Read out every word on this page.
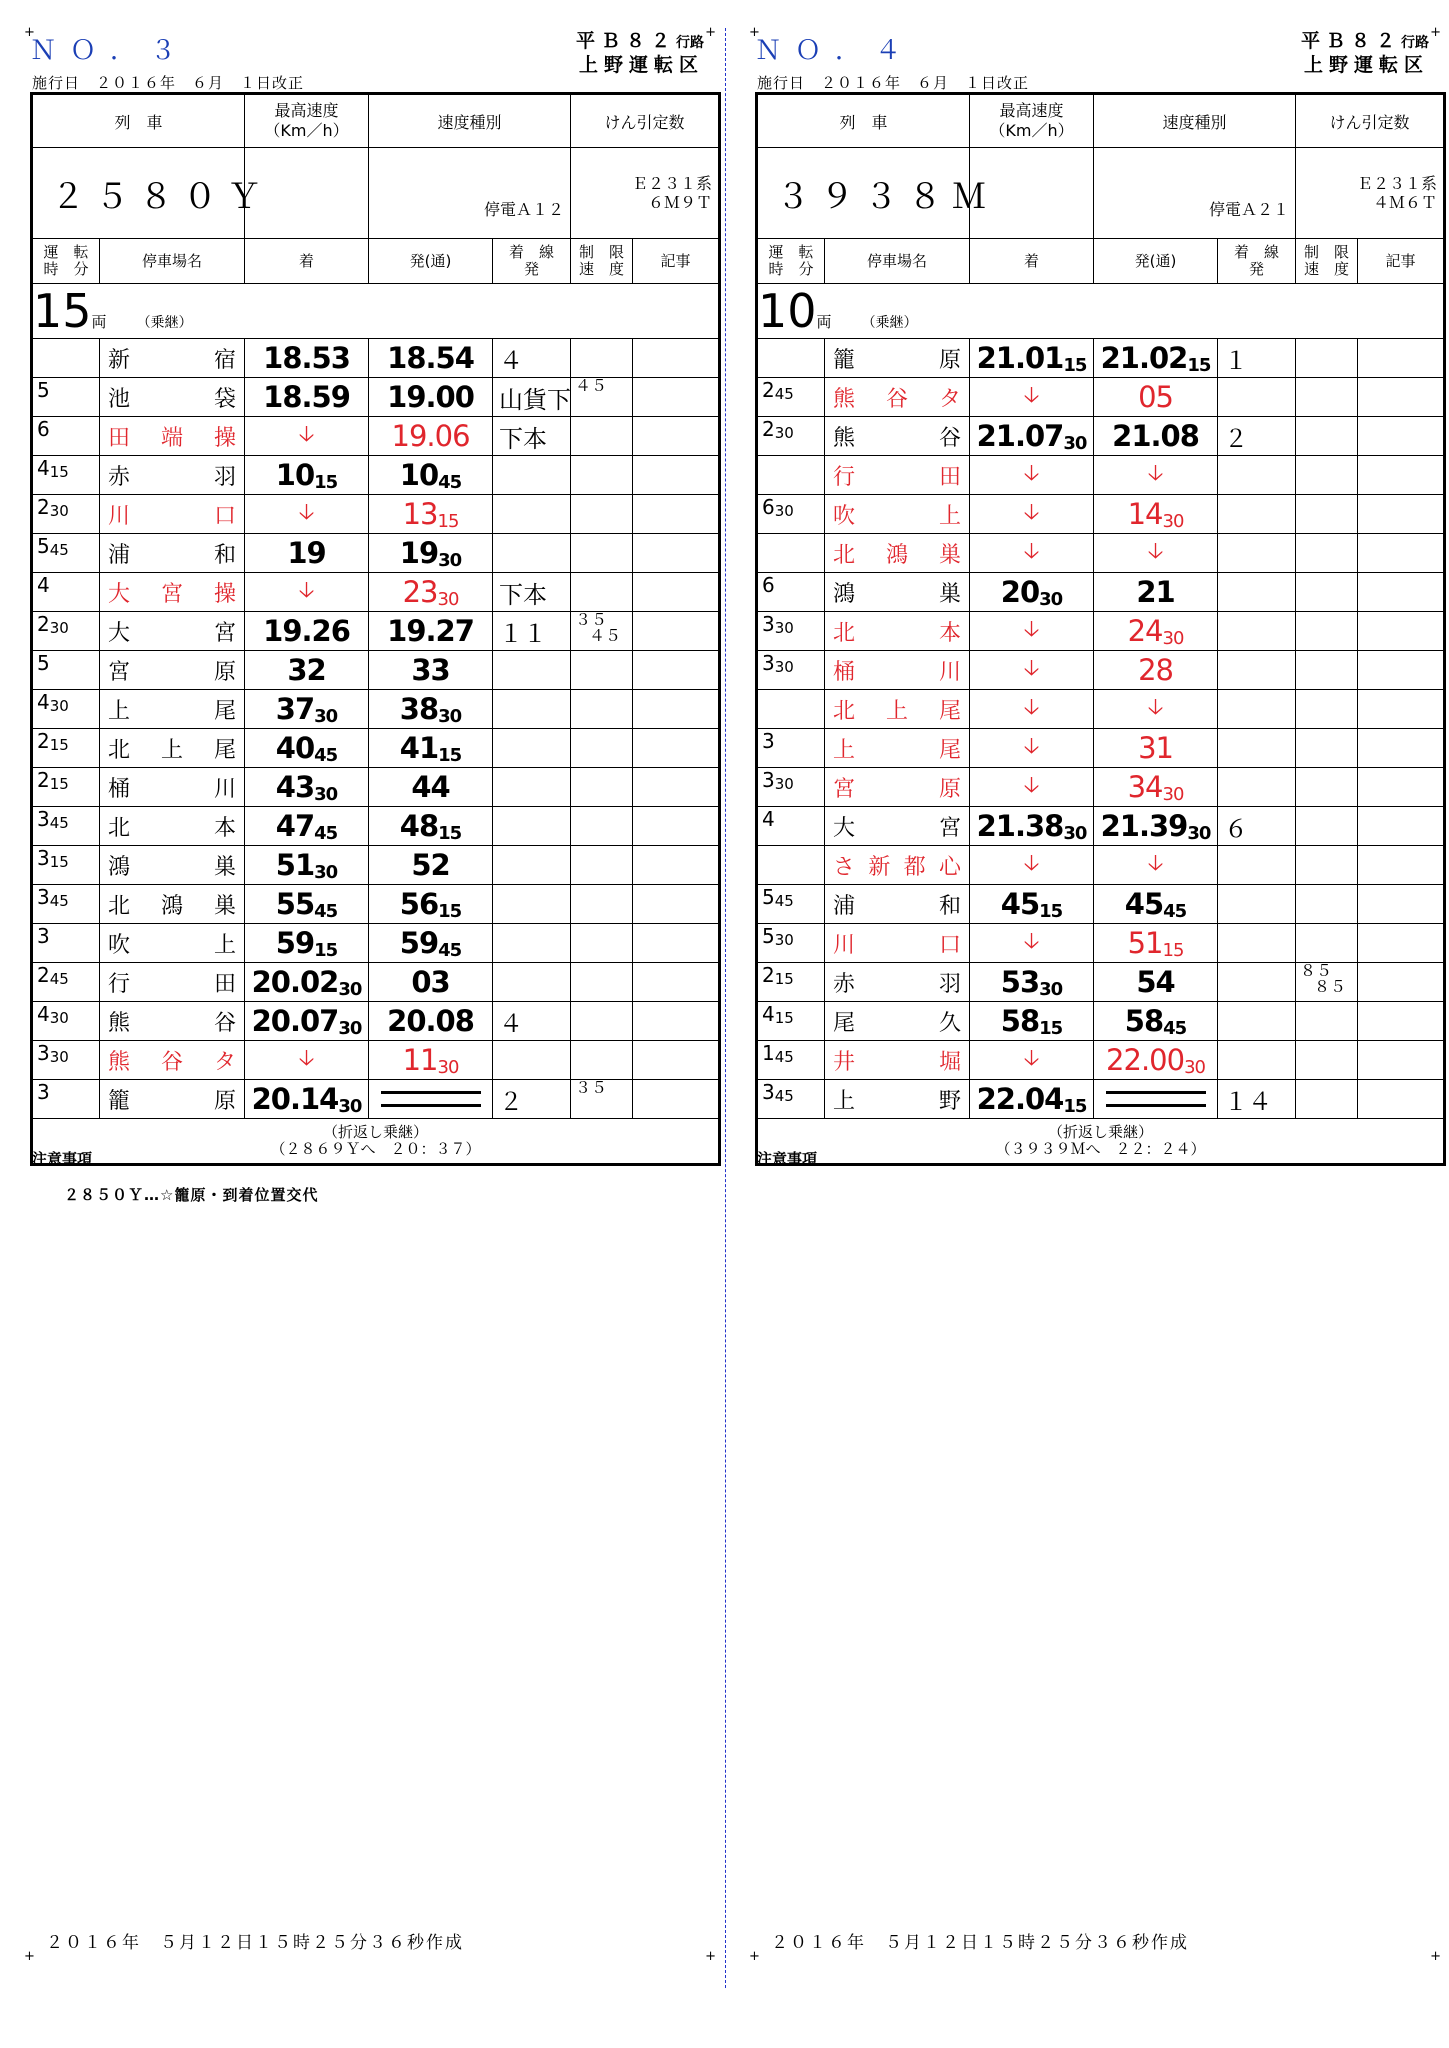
+	+
+	+
ＮＯ．３	平Ｂ８２行路
上野運転区
施行日　２０１６年　６月　１日改正
列　車		最高速度
（Km／h）	速度種別		けん引定数	
２５８０Ｙ			停電Ａ１２		Ｅ２３１系
６Ｍ９Ｔ	
運　転
時　分	停車場名	着	発(通)	着　線
発	制　限
速　度	記事
15両 （乗継）						
	新宿	18.53	18.54	４	

5	池袋	18.59	19.00	山貨下	４５

6	田端操	🡣	19.06	下本	

$4_{15}$	赤羽	$10_{15}$	$10_{45}$		

$2_{30}$	川口	🡣	$13_{15}$		

$5_{45}$	浦和	19	$19_{30}$		

4	大宮操	🡣	$23_{30}$	下本	

$2_{30}$	大宮	19.26	19.27	１１	３５
４５	
5	宮原	32	33		

$4_{30}$	上尾	$37_{30}$	$38_{30}$		

$2_{15}$	北上尾	$40_{45}$	$41_{15}$		

$2_{15}$	桶川	$43_{30}$	44		

$3_{45}$	北本	$47_{45}$	$48_{15}$		

$3_{15}$	鴻巣	$51_{30}$	52		

$3_{45}$	北鴻巣	$55_{45}$	$56_{15}$		

3	吹上	$59_{15}$	$59_{45}$		

$2_{45}$	行田	$20.02_{30}$	03		

$4_{30}$	熊谷	$20.07_{30}$	20.08	４	

$3_{30}$	熊谷タ	🡣	$11_{30}$		

3	籠原	$20.14_{30}$		２	３５

（折返し乗継）
（２８６９Ｙへ　２０：３７）						
注意事項
２８５０Ｙ…☆籠原・到着位置交代
２０１６年　５月１２日１５時２５分３６秒作成
+	+
+	+
ＮＯ．４	平Ｂ８２行路
上野運転区
施行日　２０１６年　６月　１日改正
列　車		最高速度
（Km／h）	速度種別		けん引定数	
３９３８Ｍ			停電Ａ２１		Ｅ２３１系
４Ｍ６Ｔ	
運　転
時　分	停車場名	着	発(通)	着　線
発	制　限
速　度	記事
10両 （乗継）						
	籠原	$21.01_{15}$	$21.02_{15}$	１	

$2_{45}$	熊谷タ	🡣	05		

$2_{30}$	熊谷	$21.07_{30}$	21.08	２	

	行田	🡣	🡣		

$6_{30}$	吹上	🡣	$14_{30}$		

	北鴻巣	🡣	🡣		

6	鴻巣	$20_{30}$	21		

$3_{30}$	北本	🡣	$24_{30}$		

$3_{30}$	桶川	🡣	28		

	北上尾	🡣	🡣		

3	上尾	🡣	31		

$3_{30}$	宮原	🡣	$34_{30}$		

4	大宮	$21.38_{30}$	$21.39_{30}$	６	

	さ新都心	🡣	🡣		

$5_{45}$	浦和	$45_{15}$	$45_{45}$		

$5_{30}$	川口	🡣	$51_{15}$		

$2_{15}$	赤羽	$53_{30}$	54		８５
８５	
$4_{15}$	尾久	$58_{15}$	$58_{45}$		

$1_{45}$	井堀	🡣	$22.00_{30}$		

$3_{45}$	上野	$22.04_{15}$		１４	

（折返し乗継）
（３９３９Ｍへ　２２：２４）						
注意事項
２０１６年　５月１２日１５時２５分３６秒作成
